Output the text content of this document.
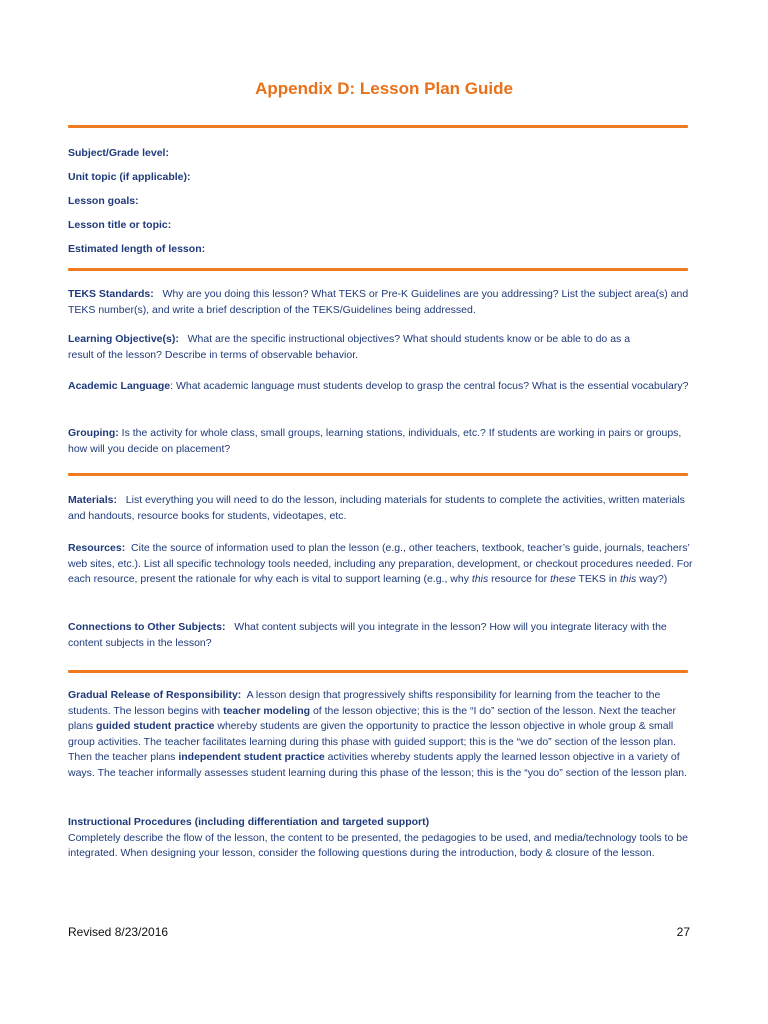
Appendix D: Lesson Plan Guide
Subject/Grade level:
Unit topic (if applicable):
Lesson goals:
Lesson title or topic:
Estimated length of lesson:
TEKS Standards: Why are you doing this lesson? What TEKS or Pre-K Guidelines are you addressing? List the subject area(s) and TEKS number(s), and write a brief description of the TEKS/Guidelines being addressed.
Learning Objective(s): What are the specific instructional objectives? What should students know or be able to do as a result of the lesson? Describe in terms of observable behavior.
Academic Language: What academic language must students develop to grasp the central focus? What is the essential vocabulary?
Grouping: Is the activity for whole class, small groups, learning stations, individuals, etc.? If students are working in pairs or groups, how will you decide on placement?
Materials: List everything you will need to do the lesson, including materials for students to complete the activities, written materials and handouts, resource books for students, videotapes, etc.
Resources: Cite the source of information used to plan the lesson (e.g., other teachers, textbook, teacher’s guide, journals, teachers’ web sites, etc.). List all specific technology tools needed, including any preparation, development, or checkout procedures needed. For each resource, present the rationale for why each is vital to support learning (e.g., why this resource for these TEKS in this way?)
Connections to Other Subjects: What content subjects will you integrate in the lesson? How will you integrate literacy with the content subjects in the lesson?
Gradual Release of Responsibility: A lesson design that progressively shifts responsibility for learning from the teacher to the students. The lesson begins with teacher modeling of the lesson objective; this is the “I do” section of the lesson. Next the teacher plans guided student practice whereby students are given the opportunity to practice the lesson objective in whole group & small group activities. The teacher facilitates learning during this phase with guided support; this is the “we do” section of the lesson plan. Then the teacher plans independent student practice activities whereby students apply the learned lesson objective in a variety of ways. The teacher informally assesses student learning during this phase of the lesson; this is the “you do” section of the lesson plan.
Instructional Procedures (including differentiation and targeted support)
Completely describe the flow of the lesson, the content to be presented, the pedagogies to be used, and media/technology tools to be integrated. When designing your lesson, consider the following questions during the introduction, body & closure of the lesson.
Revised 8/23/2016	27
